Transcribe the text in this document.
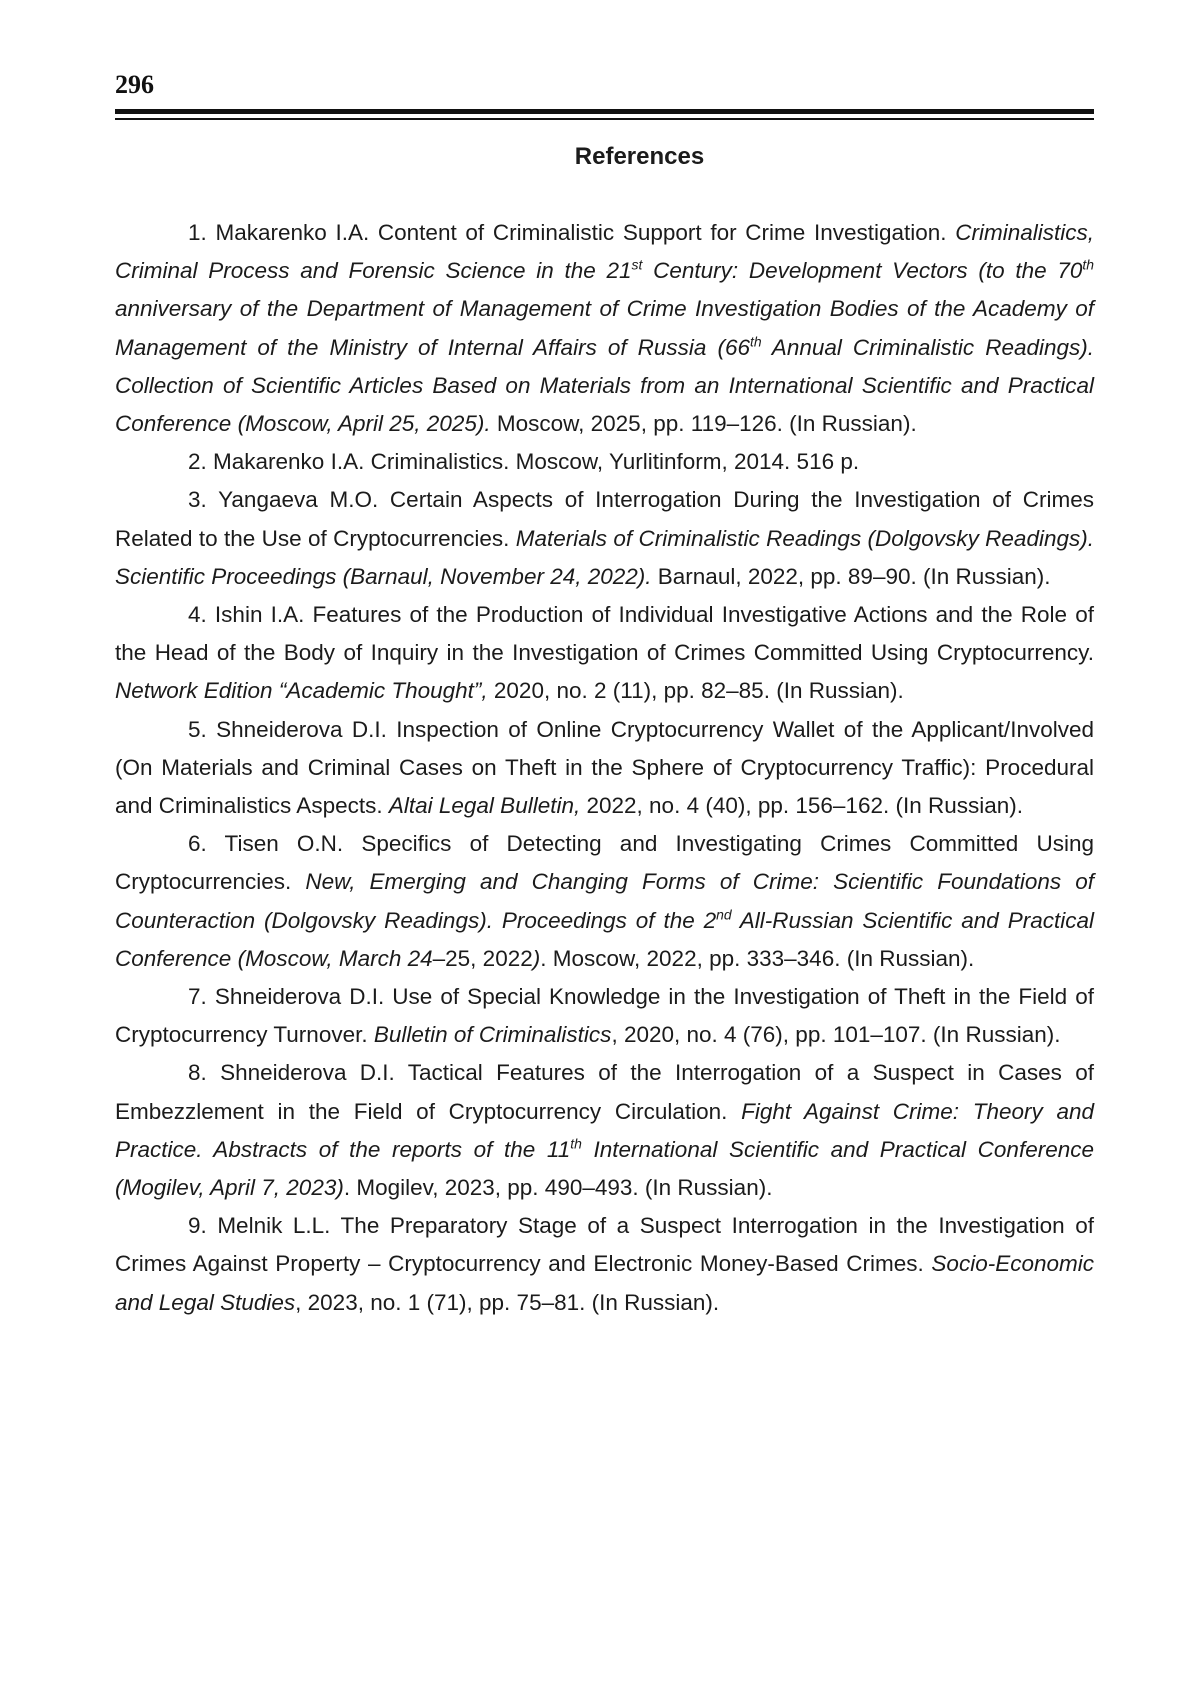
296
References

1. Makarenko I.A. Content of Criminalistic Support for Crime Investigation. Criminalistics, Criminal Process and Forensic Science in the 21st Century: Development Vectors (to the 70th anniversary of the Department of Management of Crime Investigation Bodies of the Academy of Management of the Ministry of Internal Affairs of Russia (66th Annual Criminalistic Readings). Collection of Scientific Articles Based on Materials from an International Scientific and Practical Conference (Moscow, April 25, 2025). Moscow, 2025, pp. 119–126. (In Russian).

2. Makarenko I.A. Criminalistics. Moscow, Yurlitinform, 2014. 516 p.

3. Yangaeva M.O. Certain Aspects of Interrogation During the Investigation of Crimes Related to the Use of Cryptocurrencies. Materials of Criminalistic Readings (Dolgovsky Readings). Scientific Proceedings (Barnaul, November 24, 2022). Barnaul, 2022, pp. 89–90. (In Russian).

4. Ishin I.A. Features of the Production of Individual Investigative Actions and the Role of the Head of the Body of Inquiry in the Investigation of Crimes Committed Using Cryptocurrency. Network Edition “Academic Thought”, 2020, no. 2 (11), pp. 82–85. (In Russian).

5. Shneiderova D.I. Inspection of Online Cryptocurrency Wallet of the Applicant/Involved (On Materials and Criminal Cases on Theft in the Sphere of Cryptocurrency Traffic): Procedural and Criminalistics Aspects. Altai Legal Bulletin, 2022, no. 4 (40), pp. 156–162. (In Russian).

6. Tisen O.N. Specifics of Detecting and Investigating Crimes Committed Using Cryptocurrencies. New, Emerging and Changing Forms of Crime: Scientific Foundations of Counteraction (Dolgovsky Readings). Proceedings of the 2nd All-Russian Scientific and Practical Conference (Moscow, March 24–25, 2022). Moscow, 2022, pp. 333–346. (In Russian).

7. Shneiderova D.I. Use of Special Knowledge in the Investigation of Theft in the Field of Cryptocurrency Turnover. Bulletin of Criminalistics, 2020, no. 4 (76), pp. 101–107. (In Russian).

8. Shneiderova D.I. Tactical Features of the Interrogation of a Suspect in Cases of Embezzlement in the Field of Cryptocurrency Circulation. Fight Against Crime: Theory and Practice. Abstracts of the reports of the 11th International Scientific and Practical Conference (Mogilev, April 7, 2023). Mogilev, 2023, pp. 490–493. (In Russian).

9. Melnik L.L. The Preparatory Stage of a Suspect Interrogation in the Investigation of Crimes Against Property – Cryptocurrency and Electronic Money-Based Crimes. Socio-Economic and Legal Studies, 2023, no. 1 (71), pp. 75–81. (In Russian).
